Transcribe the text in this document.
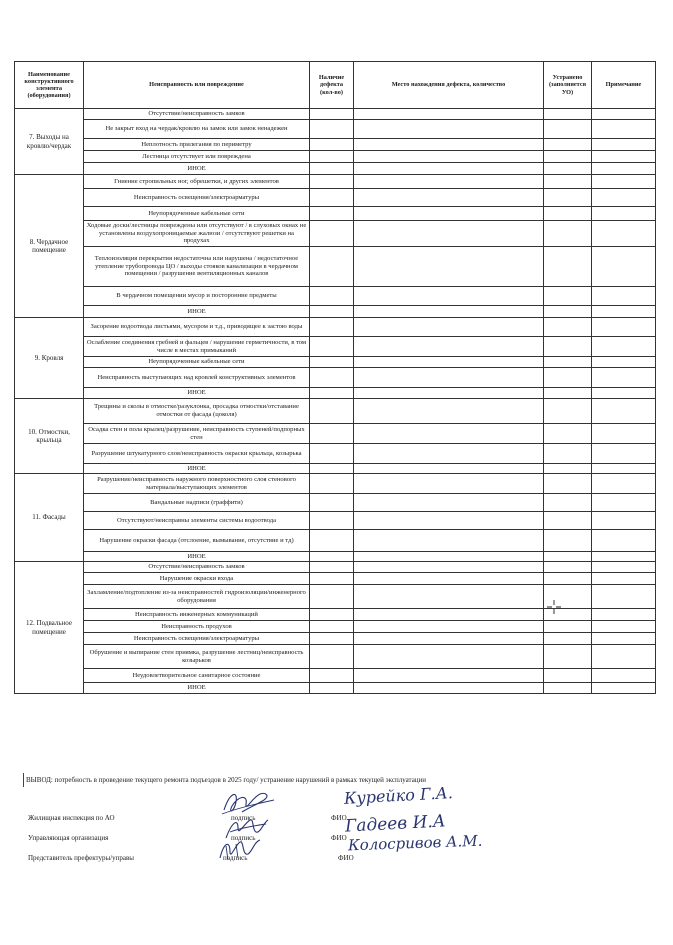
Наименование конструктивного элемента (оборудования)	Неисправность или повреждение	Наличие дефекта (кол-во)	Место нахождения дефекта, количество	Устранено (заполняется УО)	Примечание
7. Выходы на кровлю/чердак	Отсутствие/неисправность замков				
	Не закрыт вход на чердак/кровлю на замок или замок ненадежен				
	Неплотность прилегания по периметру				
	Лестница отсутствует или повреждена				
	ИНОЕ				
8. Чердачное помещение	Гниение стропильных ног, обрешетки, и других элементов				
	Неисправность освещения/электроарматуры				
	Неупорядоченные кабельные сети				
	Ходовые доски/лестницы повреждены или отсутствуют / в слуховых окнах не установлены воздухопроницаемые жалюзи / отсутствуют решетки на продухах				
	Теплоизоляция перекрытия недостаточна или нарушена / недостаточное утепление трубопровода ЦО / выходы стояков канализации в чердачном помещении / разрушение вентиляционных каналов				
	В чердачном помещении мусор и посторонние предметы				
	ИНОЕ				
9. Кровля	Засорение водоотвода листьями, мусором и т.д., приводящее к застою воды				
	Ослабление соединения гребней и фальцев / нарушение герметичности, в том числе в местах примыканий				
	Неупорядоченные кабельные сети				
	Неисправность выступающих над кровлей конструктивных элементов				
	ИНОЕ				
10. Отмостки, крыльца	Трещины и сколы в отмостке/разуклонка, просадка отмостки/отставание отмостки от фасада (цоколя)				
	Осадка стен и пола крылец/разрушение, неисправность ступеней/подпорных стен				
	Разрушение штукатурного слоя/неисправность окраски крыльца, козырька				
	ИНОЕ				
11. Фасады	Разрушение/неисправность наружного поверхностного слоя стенового материала/выступающих элементов				
	Вандальные надписи (граффити)				
	Отсутствуют/неисправны элементы системы водоотвода				
	Нарушение окраски фасада (отслоение, вымывание, отсутствие и тд)				
	ИНОЕ				
12. Подвальное помещение	Отсутствие/неисправность замков				
	Нарушение окраски входа				
	Захламление/подтопление из-за неисправностей гидроизоляции/инженерного оборудования				
	Неисправность инженерных коммуникаций				
	Неисправность продухов				
	Неисправность освещения/электроарматуры				
	Обрушение и выпирание стен приямка, разрушение лестниц/неисправность козырьков				
	Неудовлетворительное санитарное состояние				
	ИНОЕ				
ВЫВОД: потребность в проведение текущего ремонта подъездов в 2025 году/ устранение нарушений в рамках текущей эксплуатации
Жилищная инспекция по АО	подпись	ФИО
Курейко Г.А.
Управляющая организация	подпись	ФИО
Гадеев И.А
Представитель префектуры/управы	подпись	ФИО
Колосривов А.М.
